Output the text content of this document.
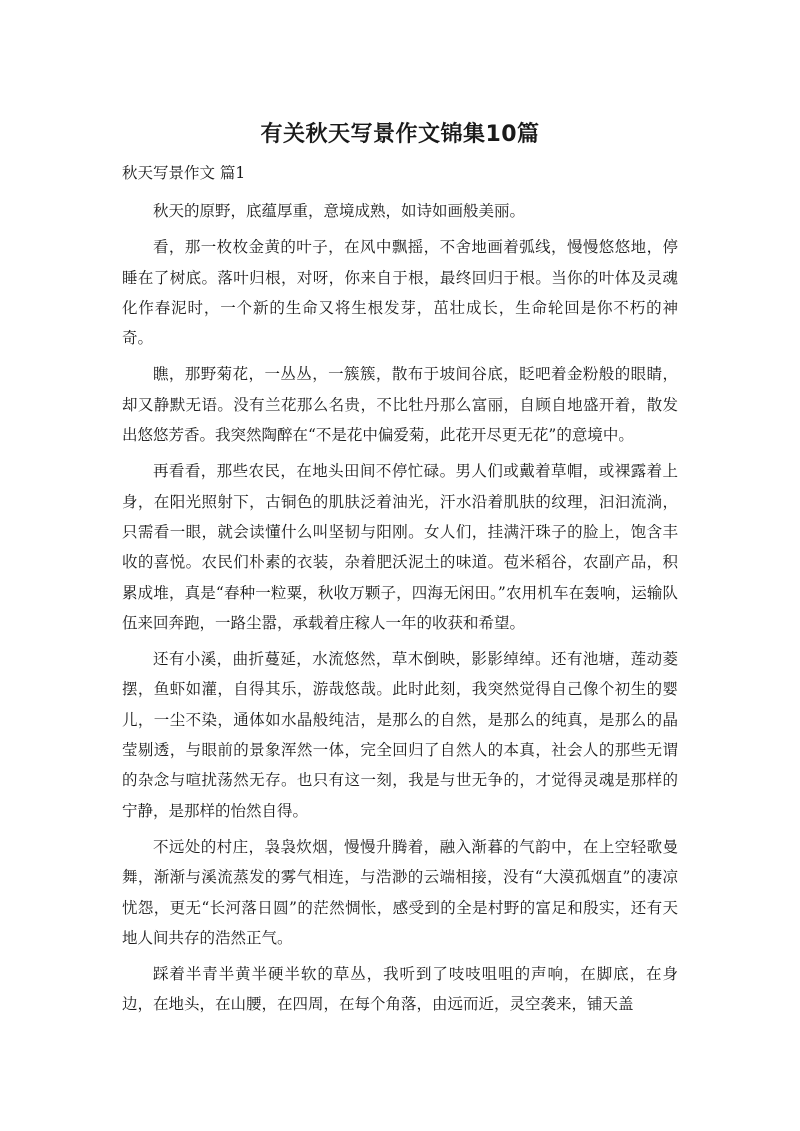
有关秋天写景作文锦集10篇

秋天写景作文 篇1

秋天的原野，底蕴厚重，意境成熟，如诗如画般美丽。

看，那一枚枚金黄的叶子，在风中飘摇，不舍地画着弧线，慢慢悠悠地，停睡在了树底。落叶归根，对呀，你来自于根，最终回归于根。当你的叶体及灵魂化作春泥时，一个新的生命又将生根发芽，茁壮成长，生命轮回是你不朽的神奇。

瞧，那野菊花，一丛丛，一簇簇，散布于坡间谷底，眨吧着金粉般的眼睛，却又静默无语。没有兰花那么名贵，不比牡丹那么富丽，自顾自地盛开着，散发出悠悠芳香。我突然陶醉在“不是花中偏爱菊，此花开尽更无花”的意境中。

再看看，那些农民，在地头田间不停忙碌。男人们或戴着草帽，或裸露着上身，在阳光照射下，古铜色的肌肤泛着油光，汗水沿着肌肤的纹理，汩汩流淌，只需看一眼，就会读懂什么叫坚韧与阳刚。女人们，挂满汗珠子的脸上，饱含丰收的喜悦。农民们朴素的衣装，杂着肥沃泥土的味道。苞米稻谷，农副产品，积累成堆，真是“春种一粒粟，秋收万颗子，四海无闲田。”农用机车在轰响，运输队伍来回奔跑，一路尘嚣，承载着庄稼人一年的收获和希望。

还有小溪，曲折蔓延，水流悠然，草木倒映，影影绰绰。还有池塘，莲动菱摆，鱼虾如灌，自得其乐，游哉悠哉。此时此刻，我突然觉得自己像个初生的婴儿，一尘不染，通体如水晶般纯洁，是那么的自然，是那么的纯真，是那么的晶莹剔透，与眼前的景象浑然一体，完全回归了自然人的本真，社会人的那些无谓的杂念与喧扰荡然无存。也只有这一刻，我是与世无争的，才觉得灵魂是那样的宁静，是那样的怡然自得。

不远处的村庄，袅袅炊烟，慢慢升腾着，融入渐暮的气韵中，在上空轻歌曼舞，渐渐与溪流蒸发的雾气相连，与浩渺的云端相接，没有“大漠孤烟直”的凄凉忧怨，更无“长河落日圆”的茫然惆怅，感受到的全是村野的富足和殷实，还有天地人间共存的浩然正气。

踩着半青半黄半硬半软的草丛，我听到了吱吱咀咀的声响，在脚底，在身边，在地头，在山腰，在四周，在每个角落，由远而近，灵空袭来，铺天盖
